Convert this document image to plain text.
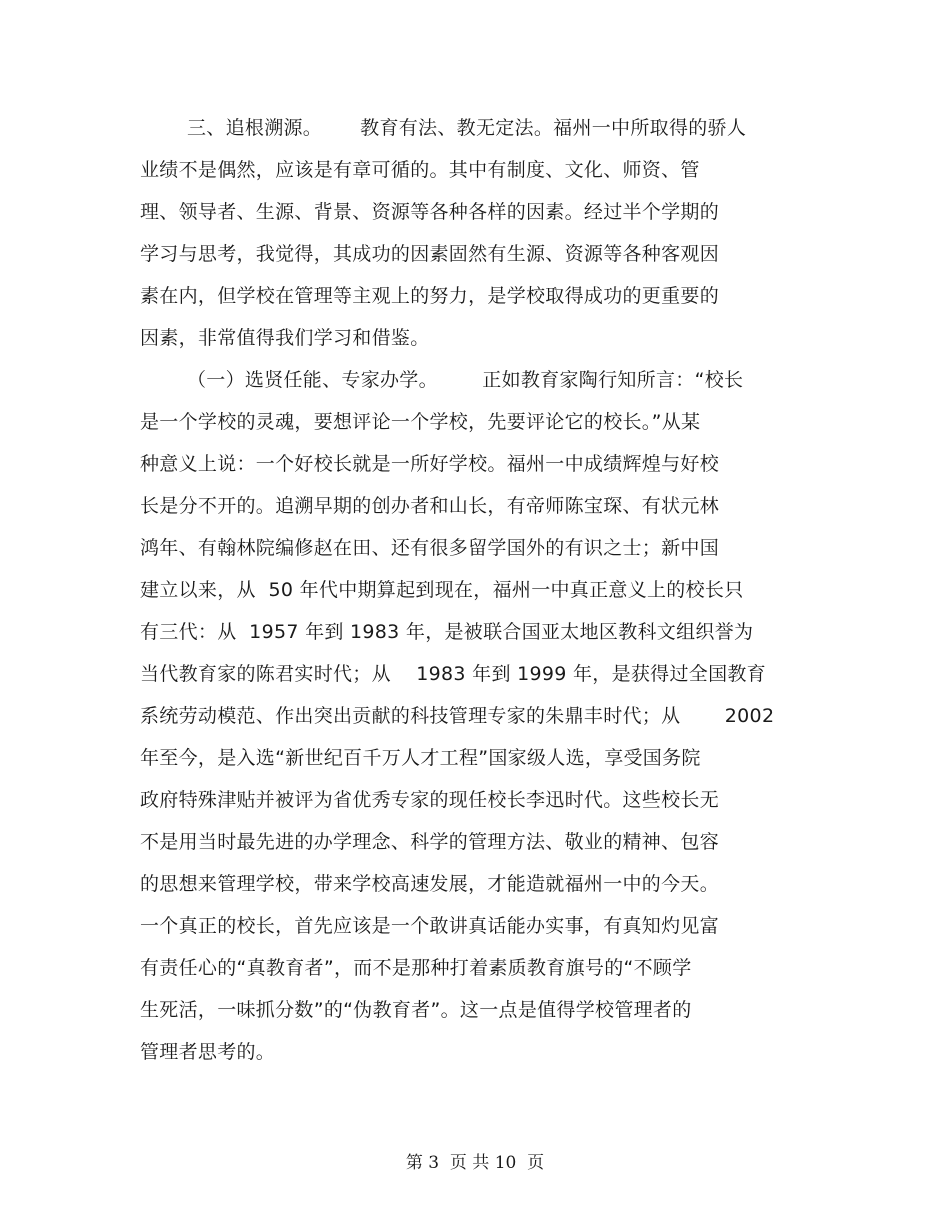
三、追根溯源。      教育有法、教无定法。福州一中所取得的骄人
业绩不是偶然，应该是有章可循的。其中有制度、文化、师资、管
理、领导者、生源、背景、资源等各种各样的因素。经过半个学期的
学习与思考，我觉得，其成功的因素固然有生源、资源等各种客观因
素在内，但学校在管理等主观上的努力，是学校取得成功的更重要的
因素，非常值得我们学习和借鉴。
（一）选贤任能、专家办学。       正如教育家陶行知所言：“校长
是一个学校的灵魂，要想评论一个学校，先要评论它的校长。”从某
种意义上说：一个好校长就是一所好学校。福州一中成绩辉煌与好校
长是分不开的。追溯早期的创办者和山长，有帝师陈宝琛、有状元林
鸿年、有翰林院编修赵在田、还有很多留学国外的有识之士；新中国
建立以来，从  50 年代中期算起到现在，福州一中真正意义上的校长只
有三代：从  1957 年到 1983 年，是被联合国亚太地区教科文组织誉为
当代教育家的陈君实时代；从    1983 年到 1999 年，是获得过全国教育
系统劳动模范、作出突出贡献的科技管理专家的朱鼎丰时代；从       2002
年至今，是入选“新世纪百千万人才工程”国家级人选，享受国务院
政府特殊津贴并被评为省优秀专家的现任校长李迅时代。这些校长无
不是用当时最先进的办学理念、科学的管理方法、敬业的精神、包容
的思想来管理学校，带来学校高速发展，才能造就福州一中的今天。
一个真正的校长，首先应该是一个敢讲真话能办实事，有真知灼见富
有责任心的“真教育者”，而不是那种打着素质教育旗号的“不顾学
生死活，一味抓分数”的“伪教育者”。这一点是值得学校管理者的
管理者思考的。
第 3  页 共 10  页
